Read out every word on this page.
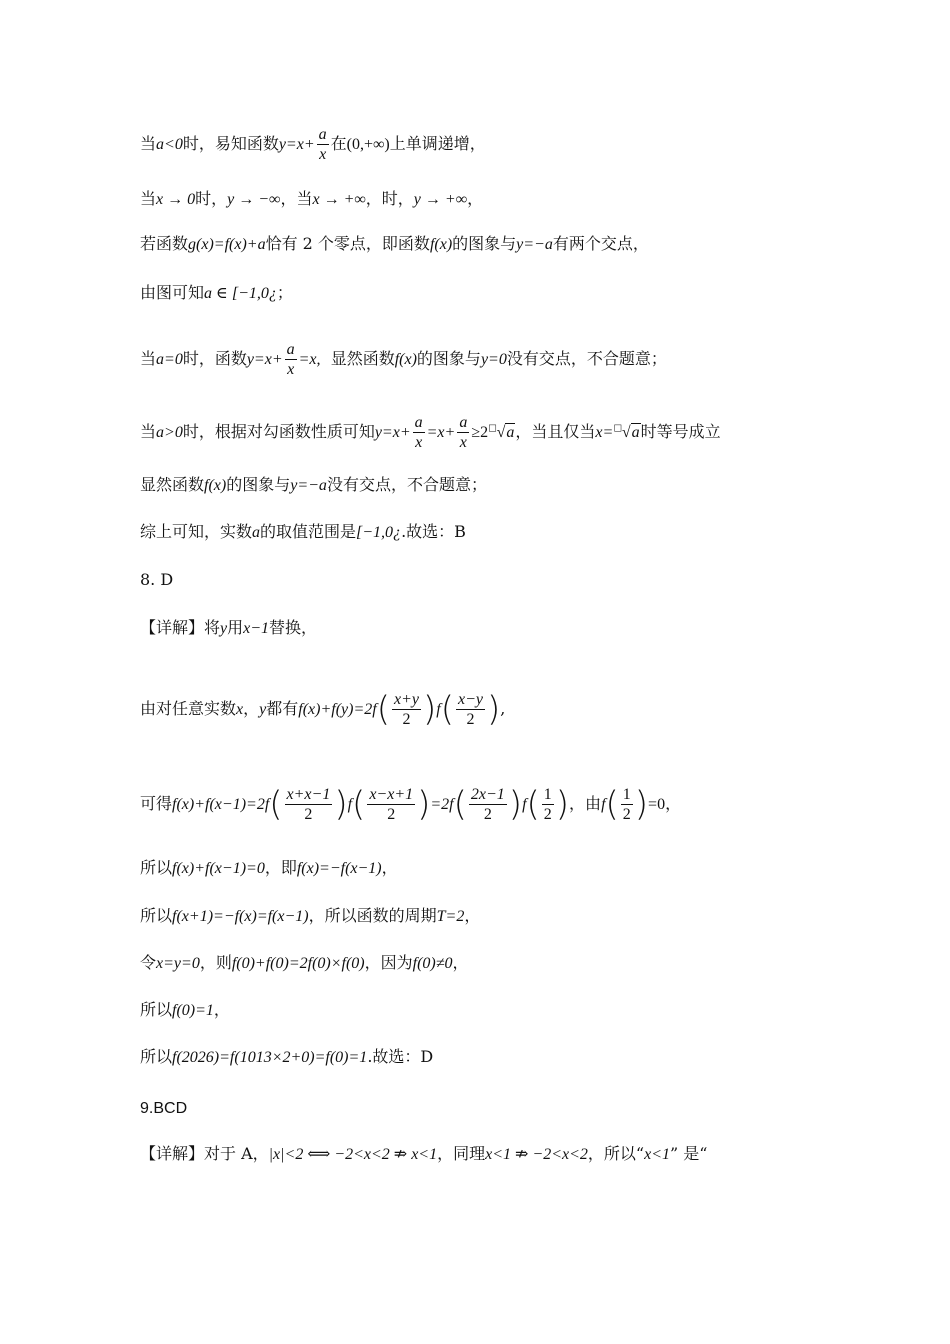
当a<0时，易知函数$y=x+ \frac{a}{x}$ 在(0,+∞)上单调递增，
当x → 0时，y → −∞，当x → +∞，时，y → +∞，
若函数g(x)=f(x)+a恰有 2 个零点，即函数f(x)的图象与y=−a有两个交点，
由图可知a ∈ [−1,0¿；
当a=0时，函数$y=x+ \frac{a}{x} =x$,  显然函数f(x)的图象与y=0没有交点，不合题意；
当a>0时，根据对勾函数性质可知$y=x+ \frac{a}{x} =x+ \frac{a}{x} \ge 2^□√a$，当且仅当x=□√a时等号成立
显然函数f(x)的图象与y=−a没有交点，不合题意；
综上可知，实数a的取值范围是[−1,0¿.故选：B
8. D
【详解】将y用x−1替换，
由对任意实数x，y都有$f(x)+f(y)=2f( \frac{x+y}{2} )f( \frac{x-y}{2}$ ),
可得$f(x)+f(x-1)=2f( \frac{x+x-1}{2} )f( \frac{x-x+1}{2} )=2f( \frac{2x-1}{2} )f( \frac{1}{2}$ )，由$f( \frac{1}{2} )=0$，
所以f(x)+f(x−1)=0，即f(x)=−f(x−1)，
所以f(x+1)=−f(x)=f(x−1)，所以函数的周期T=2，
令x=y=0，则f(0)+f(0)=2f(0)×f(0)，因为f(0)≠0，
所以f(0)=1，
所以f(2026)=f(1013×2+0)=f(0)=1.故选：D
9.BCD
【详解】对于 A，|x|<2 ⟺ −2<x<2 ⇏ x<1，同理x<1 ⇏ −2<x<2，所以“x<1” 是“
